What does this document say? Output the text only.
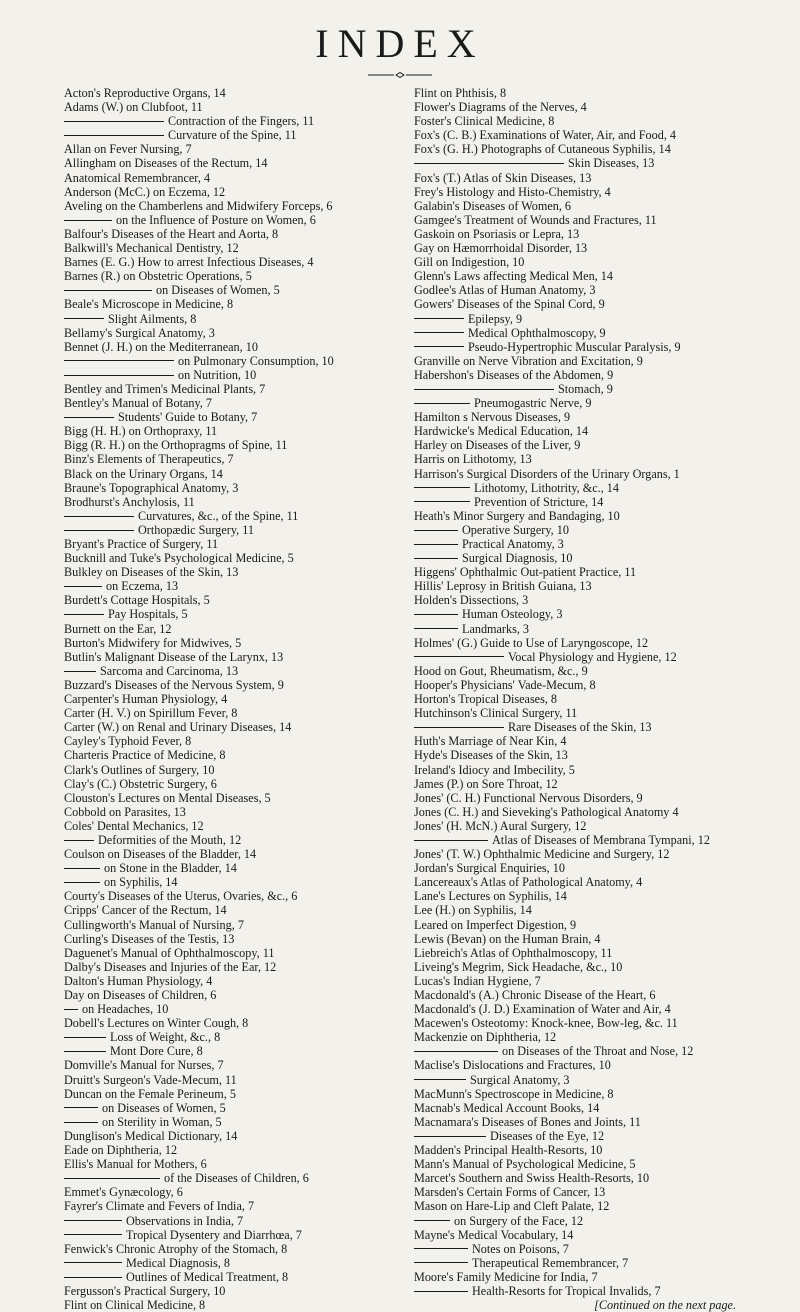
INDEX
Acton's Reproductive Organs, 14
Adams (W.) on Clubfoot, 11
Contraction of the Fingers, 11
Curvature of the Spine, 11
Allan on Fever Nursing, 7
Allingham on Diseases of the Rectum, 14
Anatomical Remembrancer, 4
Anderson (McC.) on Eczema, 12
Aveling on the Chamberlens and Midwifery Forceps, 6
on the Influence of Posture on Women, 6
Balfour's Diseases of the Heart and Aorta, 8
Balkwill's Mechanical Dentistry, 12
Barnes (E. G.) How to arrest Infectious Diseases, 4
Barnes (R.) on Obstetric Operations, 5
on Diseases of Women, 5
Beale's Microscope in Medicine, 8
Slight Ailments, 8
Bellamy's Surgical Anatomy, 3
Bennet (J. H.) on the Mediterranean, 10
on Pulmonary Consumption, 10
on Nutrition, 10
Bentley and Trimen's Medicinal Plants, 7
Bentley's Manual of Botany, 7
Students' Guide to Botany, 7
Bigg (H. H.) on Orthopraxy, 11
Bigg (R. H.) on the Orthopragms of Spine, 11
Binz's Elements of Therapeutics, 7
Black on the Urinary Organs, 14
Braune's Topographical Anatomy, 3
Brodhurst's Anchylosis, 11
Curvatures, &c., of the Spine, 11
Orthopædic Surgery, 11
Bryant's Practice of Surgery, 11
Bucknill and Tuke's Psychological Medicine, 5
Bulkley on Diseases of the Skin, 13
on Eczema, 13
Burdett's Cottage Hospitals, 5
Pay Hospitals, 5
Burnett on the Ear, 12
Burton's Midwifery for Midwives, 5
Butlin's Malignant Disease of the Larynx, 13
Sarcoma and Carcinoma, 13
Buzzard's Diseases of the Nervous System, 9
Carpenter's Human Physiology, 4
Carter (H. V.) on Spirillum Fever, 8
Carter (W.) on Renal and Urinary Diseases, 14
Cayley's Typhoid Fever, 8
Charteris Practice of Medicine, 8
Clark's Outlines of Surgery, 10
Clay's (C.) Obstetric Surgery, 6
Clouston's Lectures on Mental Diseases, 5
Cobbold on Parasites, 13
Coles' Dental Mechanics, 12
Deformities of the Mouth, 12
Coulson on Diseases of the Bladder, 14
on Stone in the Bladder, 14
on Syphilis, 14
Courty's Diseases of the Uterus, Ovaries, &c., 6
Cripps' Cancer of the Rectum, 14
Cullingworth's Manual of Nursing, 7
Curling's Diseases of the Testis, 13
Daguenet's Manual of Ophthalmoscopy, 11
Dalby's Diseases and Injuries of the Ear, 12
Dalton's Human Physiology, 4
Day on Diseases of Children, 6
on Headaches, 10
Dobell's Lectures on Winter Cough, 8
Loss of Weight, &c., 8
Mont Dore Cure, 8
Domville's Manual for Nurses, 7
Druitt's Surgeon's Vade-Mecum, 11
Duncan on the Female Perineum, 5
on Diseases of Women, 5
on Sterility in Woman, 5
Dunglison's Medical Dictionary, 14
Eade on Diphtheria, 12
Ellis's Manual for Mothers, 6
of the Diseases of Children, 6
Emmet's Gynæcology, 6
Fayrer's Climate and Fevers of India, 7
Observations in India, 7
Tropical Dysentery and Diarrhœa, 7
Fenwick's Chronic Atrophy of the Stomach, 8
Medical Diagnosis, 8
Outlines of Medical Treatment, 8
Fergusson's Practical Surgery, 10
Flint on Clinical Medicine, 8
Flint on Phthisis, 8
Flower's Diagrams of the Nerves, 4
Foster's Clinical Medicine, 8
Fox's (C. B.) Examinations of Water, Air, and Food, 4
Fox's (G. H.) Photographs of Cutaneous Syphilis, 14
Skin Diseases, 13
Fox's (T.) Atlas of Skin Diseases, 13
Frey's Histology and Histo-Chemistry, 4
Galabin's Diseases of Women, 6
Gamgee's Treatment of Wounds and Fractures, 11
Gaskoin on Psoriasis or Lepra, 13
Gay on Hæmorrhoidal Disorder, 13
Gill on Indigestion, 10
Glenn's Laws affecting Medical Men, 14
Godlee's Atlas of Human Anatomy, 3
Gowers' Diseases of the Spinal Cord, 9
Epilepsy, 9
Medical Ophthalmoscopy, 9
Pseudo-Hypertrophic Muscular Paralysis, 9
Granville on Nerve Vibration and Excitation, 9
Habershon's Diseases of the Abdomen, 9
Stomach, 9
Pneumogastric Nerve, 9
Hamilton s Nervous Diseases, 9
Hardwicke's Medical Education, 14
Harley on Diseases of the Liver, 9
Harris on Lithotomy, 13
Harrison's Surgical Disorders of the Urinary Organs, 1
Lithotomy, Lithotrity, &c., 14
Prevention of Stricture, 14
Heath's Minor Surgery and Bandaging, 10
Operative Surgery, 10
Practical Anatomy, 3
Surgical Diagnosis, 10
Higgens' Ophthalmic Out-patient Practice, 11
Hillis' Leprosy in British Guiana, 13
Holden's Dissections, 3
Human Osteology, 3
Landmarks, 3
Holmes' (G.) Guide to Use of Laryngoscope, 12
Vocal Physiology and Hygiene, 12
Hood on Gout, Rheumatism, &c., 9
Hooper's Physicians' Vade-Mecum, 8
Horton's Tropical Diseases, 8
Hutchinson's Clinical Surgery, 11
Rare Diseases of the Skin, 13
Huth's Marriage of Near Kin, 4
Hyde's Diseases of the Skin, 13
Ireland's Idiocy and Imbecility, 5
James (P.) on Sore Throat, 12
Jones' (C. H.) Functional Nervous Disorders, 9
Jones (C. H.) and Sieveking's Pathological Anatomy 4
Jones' (H. McN.) Aural Surgery, 12
Atlas of Diseases of Membrana Tympani, 12
Jones' (T. W.) Ophthalmic Medicine and Surgery, 12
Jordan's Surgical Enquiries, 10
Lancereaux's Atlas of Pathological Anatomy, 4
Lane's Lectures on Syphilis, 14
Lee (H.) on Syphilis, 14
Leared on Imperfect Digestion, 9
Lewis (Bevan) on the Human Brain, 4
Liebreich's Atlas of Ophthalmoscopy, 11
Liveing's Megrim, Sick Headache, &c., 10
Lucas's Indian Hygiene, 7
Macdonald's (A.) Chronic Disease of the Heart, 6
Macdonald's (J. D.) Examination of Water and Air, 4
Macewen's Osteotomy: Knock-knee, Bow-leg, &c. 11
Mackenzie on Diphtheria, 12
on Diseases of the Throat and Nose, 12
Maclise's Dislocations and Fractures, 10
Surgical Anatomy, 3
MacMunn's Spectroscope in Medicine, 8
Macnab's Medical Account Books, 14
Macnamara's Diseases of Bones and Joints, 11
Diseases of the Eye, 12
Madden's Principal Health-Resorts, 10
Mann's Manual of Psychological Medicine, 5
Marcet's Southern and Swiss Health-Resorts, 10
Marsden's Certain Forms of Cancer, 13
Mason on Hare-Lip and Cleft Palate, 12
on Surgery of the Face, 12
Mayne's Medical Vocabulary, 14
Notes on Poisons, 7
Therapeutical Remembrancer, 7
Moore's Family Medicine for India, 7
Health-Resorts for Tropical Invalids, 7
[Continued on the next page.
